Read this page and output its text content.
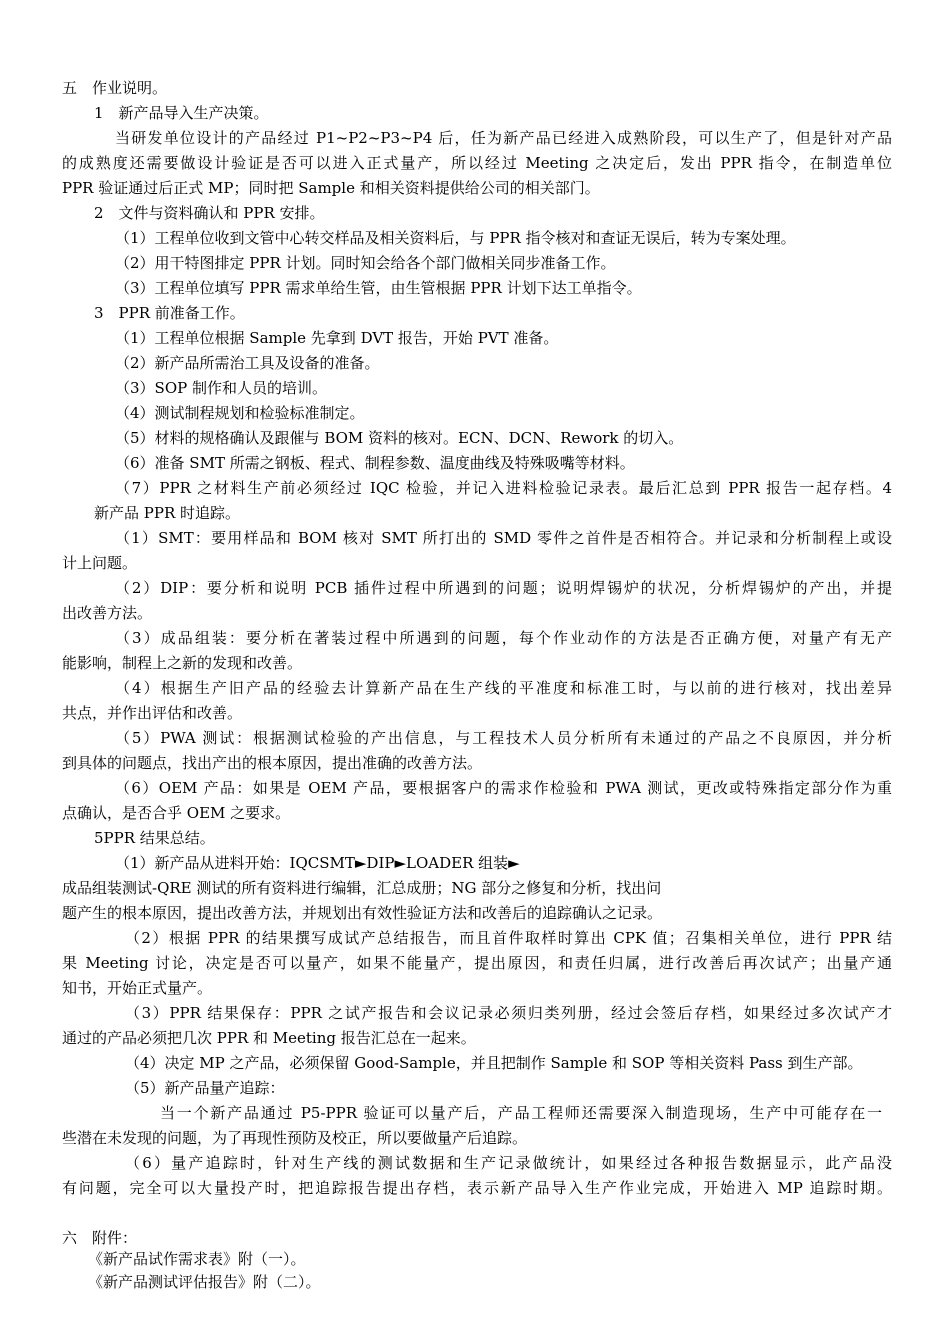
五　作业说明。

1　新产品导入生产决策。

当研发单位设计的产品经过 P1~P2~P3~P4 后，任为新产品已经进入成熟阶段，可以生产了，但是针对产品

的成熟度还需要做设计验证是否可以进入正式量产，所以经过 Meeting 之决定后，发出 PPR 指令，在制造单位

PPR 验证通过后正式 MP；同时把 Sample 和相关资料提供给公司的相关部门。

2　文件与资料确认和 PPR 安排。

（1）工程单位收到文管中心转交样品及相关资料后，与 PPR 指令核对和查证无误后，转为专案处理。

（2）用干特图排定 PPR 计划。同时知会给各个部门做相关同步准备工作。

（3）工程单位填写 PPR 需求单给生管，由生管根据 PPR 计划下达工单指令。

3　PPR 前准备工作。

（1）工程单位根据 Sample 先拿到 DVT 报告，开始 PVT 准备。

（2）新产品所需治工具及设备的准备。

（3）SOP 制作和人员的培训。

（4）测试制程规划和检验标准制定。

（5）材料的规格确认及跟催与 BOM 资料的核对。ECN、DCN、Rework 的切入。

（6）准备 SMT 所需之钢板、程式、制程参数、温度曲线及特殊吸嘴等材料。

（7）PPR 之材料生产前必须经过 IQC 检验，并记入进料检验记录表。最后汇总到 PPR 报告一起存档。4

新产品 PPR 时追踪。

（1）SMT：要用样品和 BOM 核对 SMT 所打出的 SMD 零件之首件是否相符合。并记录和分析制程上或设

计上问题。

（2）DIP：要分析和说明 PCB 插件过程中所遇到的问题；说明焊锡炉的状况，分析焊锡炉的产出，并提

出改善方法。

（3）成品组装：要分析在著装过程中所遇到的问题，每个作业动作的方法是否正确方便，对量产有无产

能影响，制程上之新的发现和改善。

（4）根据生产旧产品的经验去计算新产品在生产线的平准度和标准工时，与以前的进行核对，找出差异

共点，并作出评估和改善。

（5）PWA 测试：根据测试检验的产出信息，与工程技术人员分析所有未通过的产品之不良原因，并分析

到具体的问题点，找出产出的根本原因，提出准确的改善方法。

（6）OEM 产品：如果是 OEM 产品，要根据客户的需求作检验和 PWA 测试，更改或特殊指定部分作为重

点确认，是否合乎 OEM 之要求。

5PPR 结果总结。

（1）新产品从进料开始：IQCSMT►DIP►LOADER 组装►

成品组装测试-QRE 测试的所有资料进行编辑，汇总成册；NG 部分之修复和分析，找出问

题产生的根本原因，提出改善方法，并规划出有效性验证方法和改善后的追踪确认之记录。

（2）根据 PPR 的结果撰写成试产总结报告，而且首件取样时算出 CPK 值；召集相关单位，进行 PPR 结

果 Meeting 讨论，决定是否可以量产，如果不能量产，提出原因，和责任归属，进行改善后再次试产；出量产通

知书，开始正式量产。

（3）PPR 结果保存：PPR 之试产报告和会议记录必须归类列册，经过会签后存档，如果经过多次试产才

通过的产品必须把几次 PPR 和 Meeting 报告汇总在一起来。

（4）决定 MP 之产品，必须保留 Good-Sample，并且把制作 Sample 和 SOP 等相关资料 Pass 到生产部。

（5）新产品量产追踪：

当一个新产品通过 P5-PPR 验证可以量产后，产品工程师还需要深入制造现场，生产中可能存在一

些潜在未发现的问题，为了再现性预防及校正，所以要做量产后追踪。

（6）量产追踪时，针对生产线的测试数据和生产记录做统计，如果经过各种报告数据显示，此产品没

有问题，完全可以大量投产时，把追踪报告提出存档，表示新产品导入生产作业完成，开始进入 MP 追踪时期。

六　附件：

《新产品试作需求表》附（一）。

《新产品测试评估报告》附（二）。
